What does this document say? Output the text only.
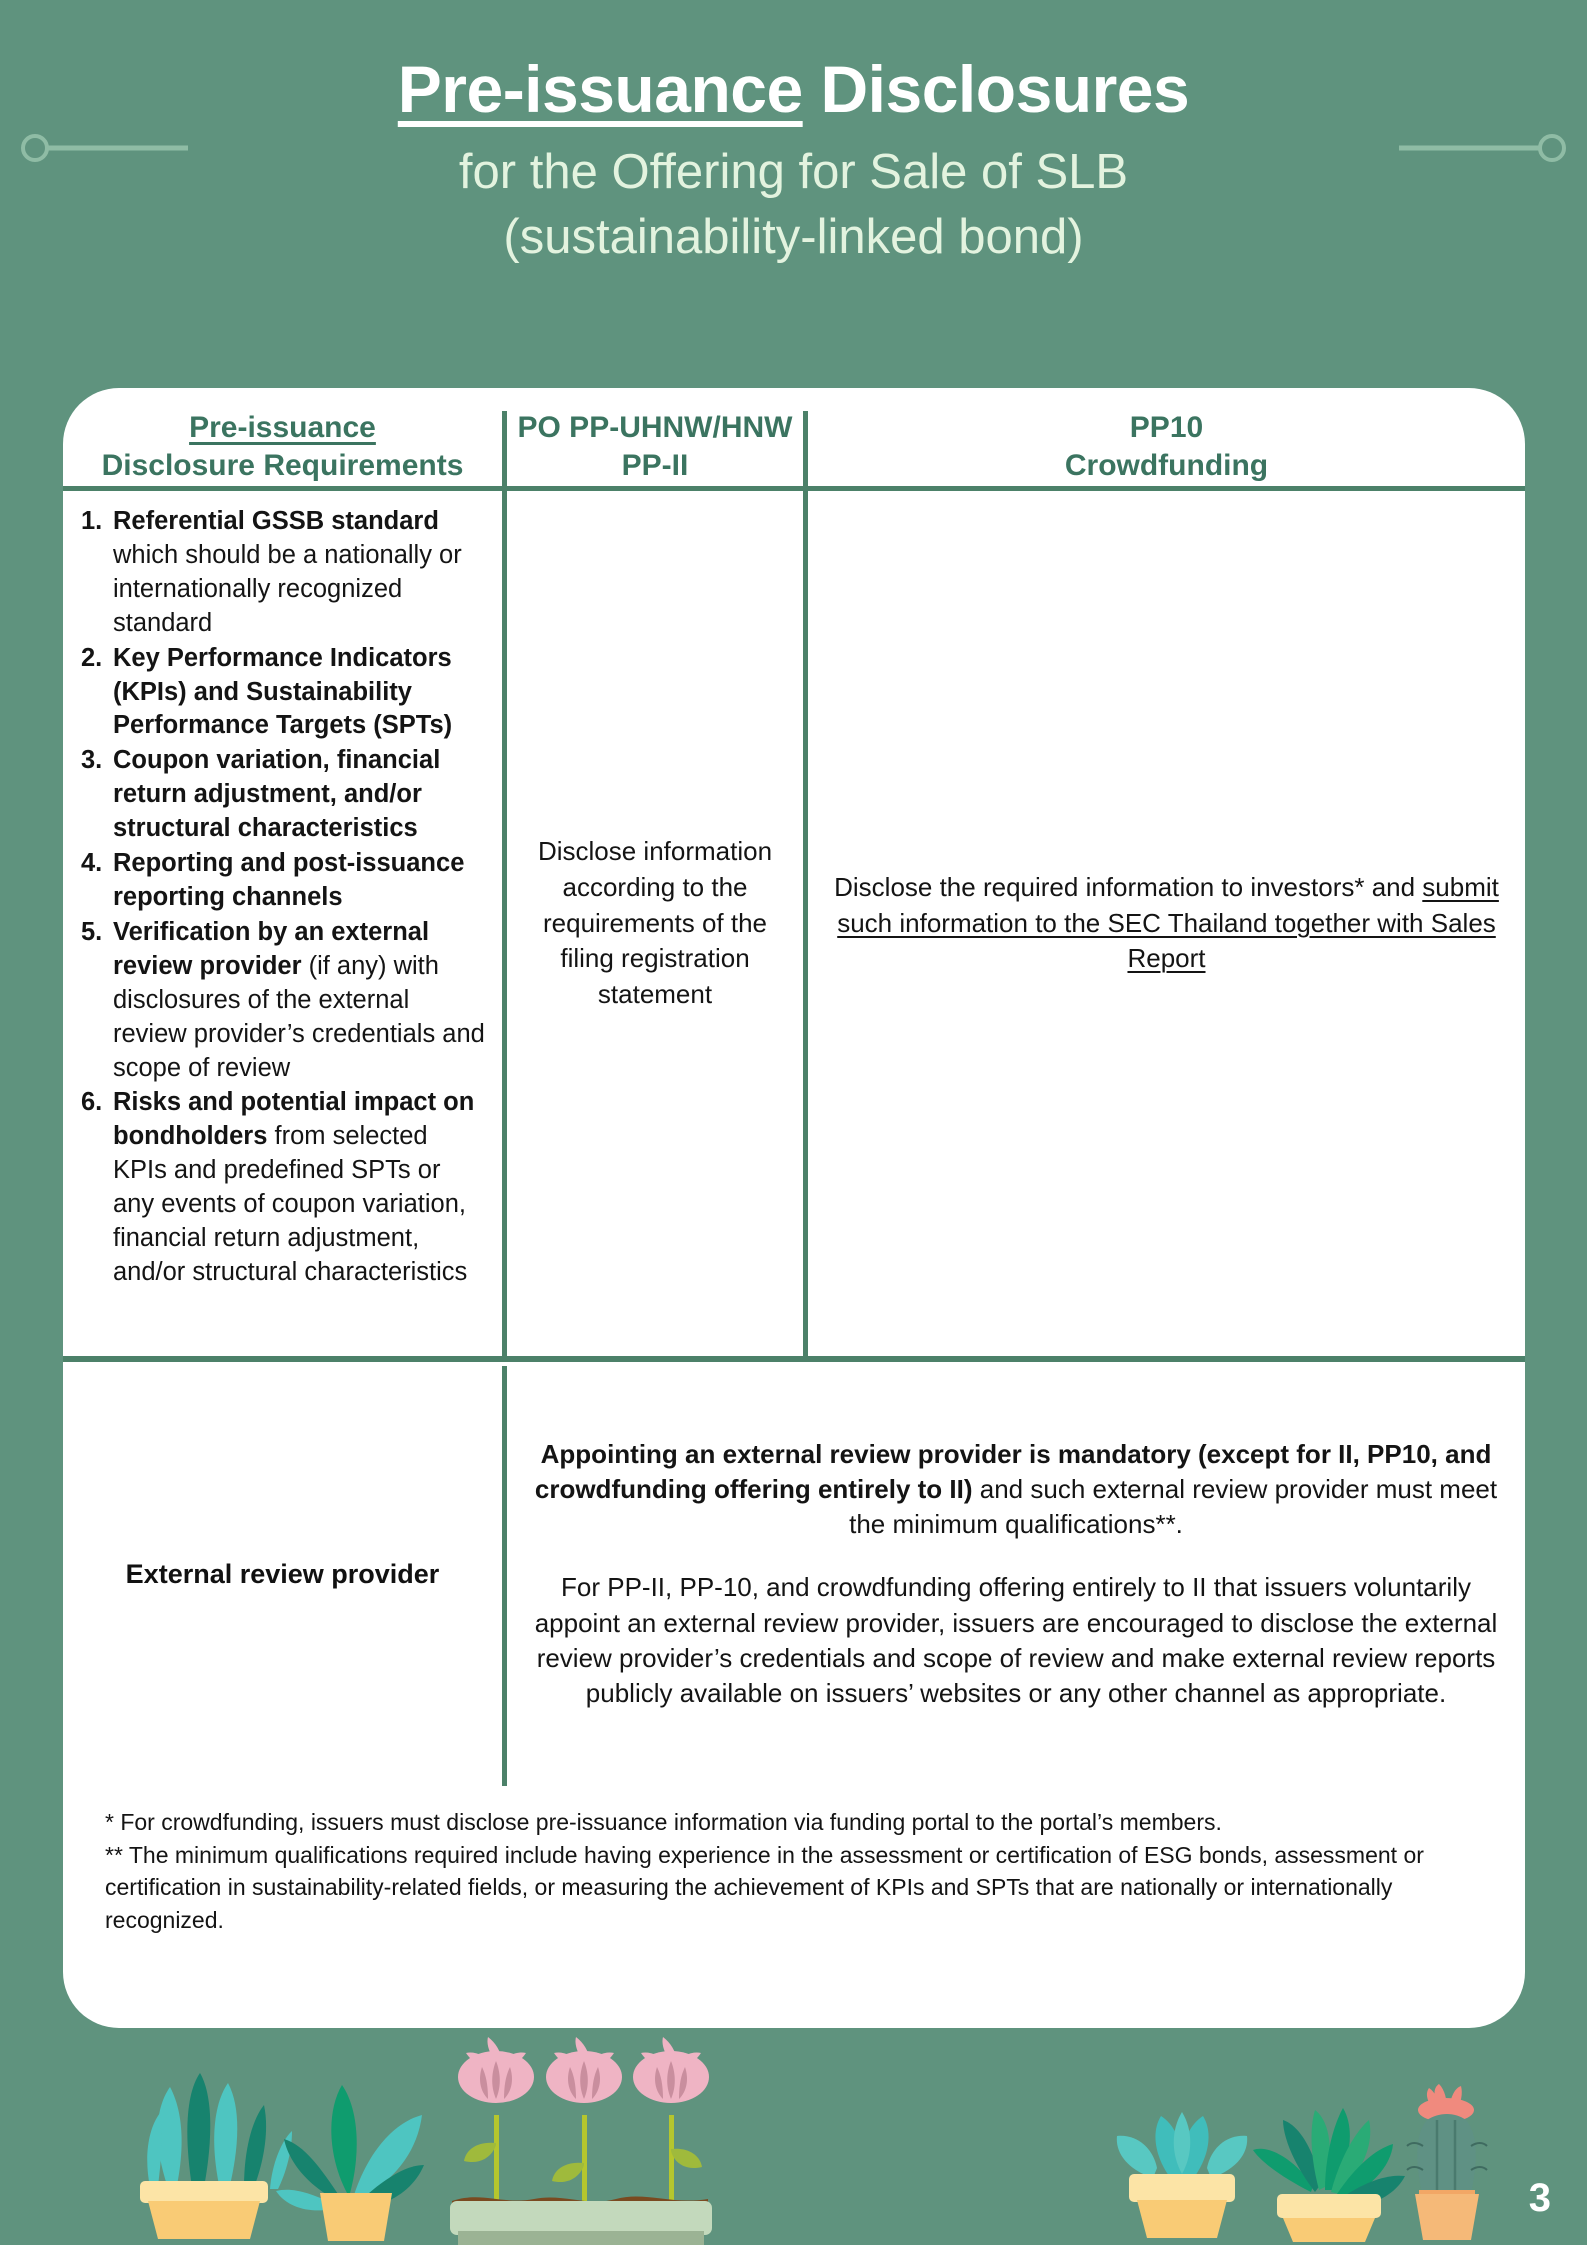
Pre-issuance Disclosures
for the Offering for Sale of SLB
(sustainability-linked bond)
Pre-issuance
Disclosure Requirements
PO PP-UHNW/HNW
PP-II
PP10
Crowdfunding
1. Referential GSSB standard which should be a nationally or internationally recognized standard
2. Key Performance Indicators (KPIs) and Sustainability Performance Targets (SPTs)
3. Coupon variation, financial return adjustment, and/or structural characteristics
4. Reporting and post-issuance reporting channels
5. Verification by an external review provider (if any) with disclosures of the external review provider’s credentials and scope of review
6. Risks and potential impact on bondholders from selected KPIs and predefined SPTs or any events of coupon variation, financial return adjustment, and/or structural characteristics
Disclose information according to the requirements of the filing registration statement
Disclose the required information to investors* and submit such information to the SEC Thailand together with Sales Report
External review provider
Appointing an external review provider is mandatory (except for II, PP10, and crowdfunding offering entirely to II) and such external review provider must meet the minimum qualifications**.
For PP-II, PP-10, and crowdfunding offering entirely to II that issuers voluntarily appoint an external review provider, issuers are encouraged to disclose the external review provider’s credentials and scope of review and make external review reports publicly available on issuers’ websites or any other channel as appropriate.
* For crowdfunding, issuers must disclose pre-issuance information via funding portal to the portal’s members.
** The minimum qualifications required include having experience in the assessment or certification of ESG bonds, assessment or certification in sustainability-related fields, or measuring the achievement of KPIs and SPTs that are nationally or internationally recognized.
3
